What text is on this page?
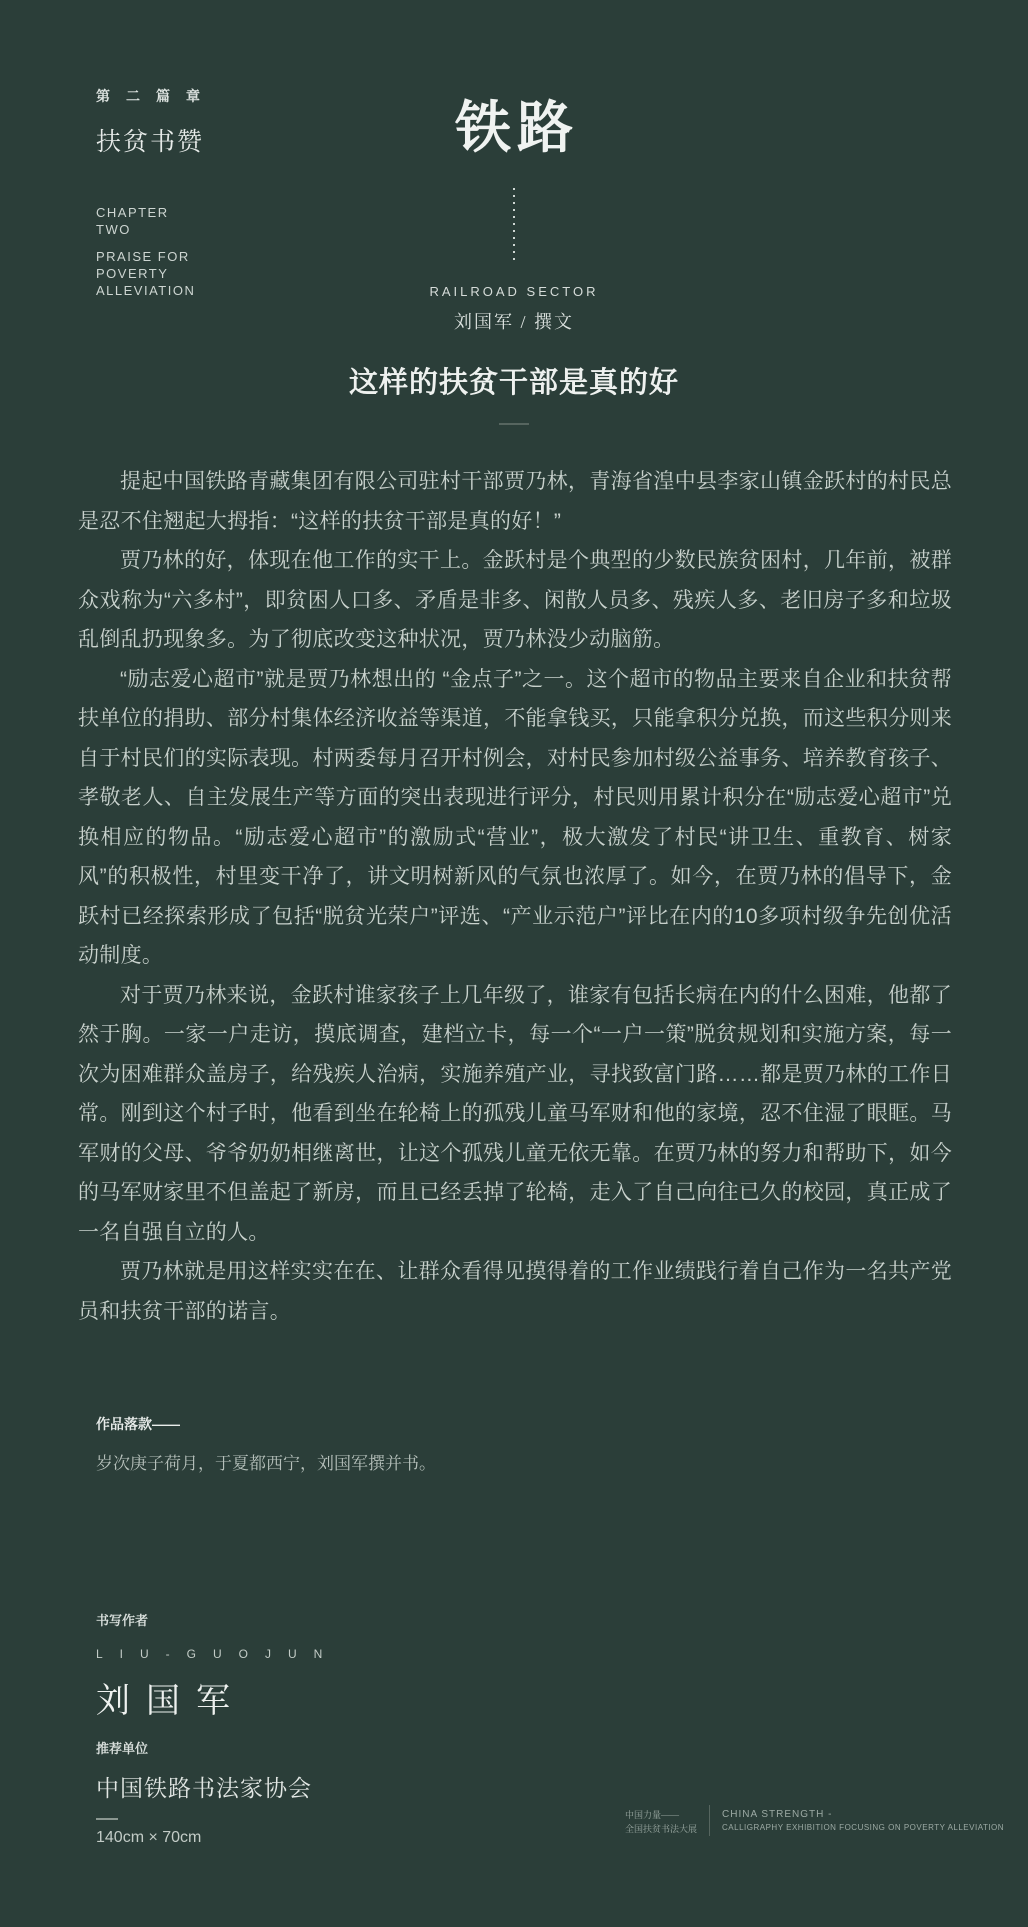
第二篇章
扶贫书赞
CHAPTER
TWO
PRAISE FOR
POVERTY
ALLEVIATION
铁路
RAILROAD SECTOR
刘国军 / 撰文
这样的扶贫干部是真的好

提起中国铁路青藏集团有限公司驻村干部贾乃林，青海省湟中县李家山镇金跃村的村民总是忍不住翘起大拇指：“这样的扶贫干部是真的好！”

贾乃林的好，体现在他工作的实干上。金跃村是个典型的少数民族贫困村，几年前，被群众戏称为“六多村”，即贫困人口多、矛盾是非多、闲散人员多、残疾人多、老旧房子多和垃圾乱倒乱扔现象多。为了彻底改变这种状况，贾乃林没少动脑筋。

“励志爱心超市”就是贾乃林想出的 “金点子”之一。这个超市的物品主要来自企业和扶贫帮扶单位的捐助、部分村集体经济收益等渠道，不能拿钱买，只能拿积分兑换，而这些积分则来自于村民们的实际表现。村两委每月召开村例会，对村民参加村级公益事务、培养教育孩子、孝敬老人、自主发展生产等方面的突出表现进行评分，村民则用累计积分在“励志爱心超市”兑换相应的物品。“励志爱心超市”的激励式“营业”，极大激发了村民“讲卫生、重教育、树家风”的积极性，村里变干净了，讲文明树新风的气氛也浓厚了。如今，在贾乃林的倡导下，金跃村已经探索形成了包括“脱贫光荣户”评选、“产业示范户”评比在内的10多项村级争先创优活动制度。

对于贾乃林来说，金跃村谁家孩子上几年级了，谁家有包括长病在内的什么困难，他都了然于胸。一家一户走访，摸底调查，建档立卡，每一个“一户一策”脱贫规划和实施方案，每一次为困难群众盖房子，给残疾人治病，实施养殖产业，寻找致富门路……都是贾乃林的工作日常。刚到这个村子时，他看到坐在轮椅上的孤残儿童马军财和他的家境，忍不住湿了眼眶。马军财的父母、爷爷奶奶相继离世，让这个孤残儿童无依无靠。在贾乃林的努力和帮助下，如今的马军财家里不但盖起了新房，而且已经丢掉了轮椅，走入了自己向往已久的校园，真正成了一名自强自立的人。

贾乃林就是用这样实实在在、让群众看得见摸得着的工作业绩践行着自己作为一名共产党员和扶贫干部的诺言。

作品落款——
岁次庚子荷月，于夏都西宁，刘国军撰并书。
书写作者
LIU-GUOJUN
刘国军
推荐单位
中国铁路书法家协会
140cm × 70cm
中国力量——
全国扶贫书法大展
CHINA STRENGTH -
CALLIGRAPHY EXHIBITION FOCUSING ON POVERTY ALLEVIATION
